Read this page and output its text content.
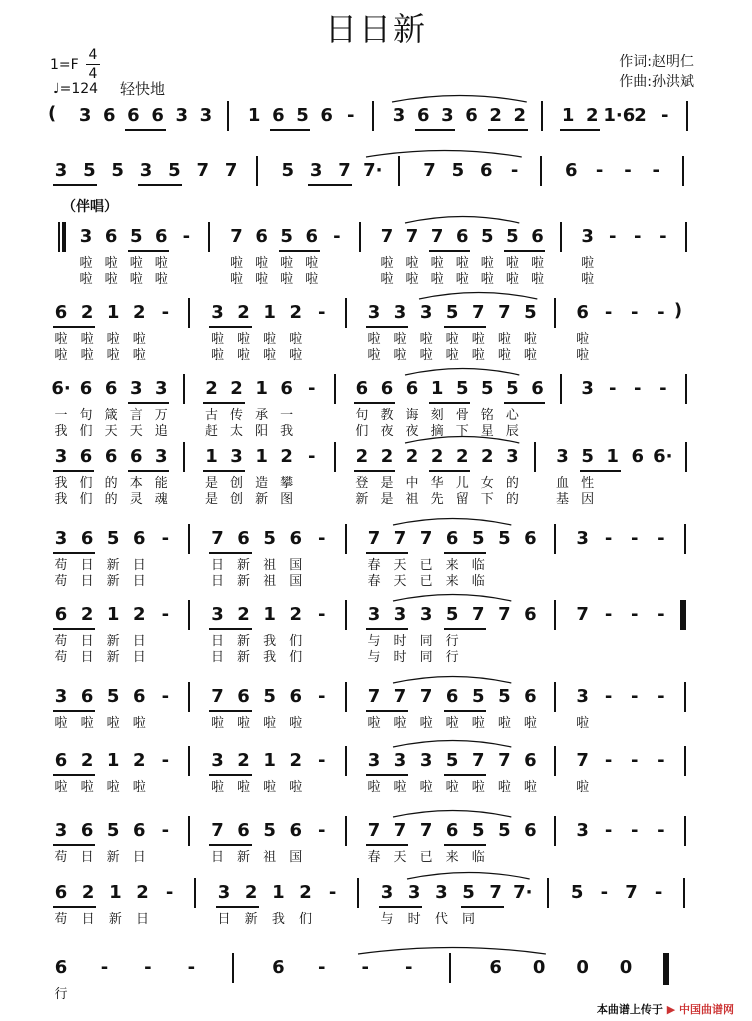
日日新
1=F
4
4
♩=124 轻快地
作词:赵明仁
作曲:孙洪斌
（伴唱）
(	3 6 6 6 3 3	1 6 5 6 -	3 6 3 6 2 2	1 2 1·6
2 -
3 5 5 3 5 7 7	5 3 7 7·	7 5 6	-	6	-	-	-
3 6 5 6 -	7 6 5 6 -	7 7 7 6 5 5 6	3 - - -
啦 啦 啦 啦	啦 啦 啦 啦	啦 啦 啦 啦 啦 啦 啦	啦
啦 啦 啦 啦	啦 啦 啦 啦	啦 啦 啦 啦 啦 啦 啦	啦
6 2 1 2 -	3 2 1 2 -	3 3 3 5 7 7 5	6 -	-	- )
啦	啦	啦	啦	啦	啦	啦	啦	啦	啦	啦	啦	啦	啦	啦	啦
啦	啦	啦	啦	啦	啦	啦	啦	啦	啦	啦	啦	啦	啦	啦	啦
6· 6 6 3 3	2 2 1 6 -	6 6 6 1 5 5 5 6	3 - - -
一 句 箴 言 万	古 传 承 一	句 教 诲 刻 骨 铭 心
我 们 天 天 追	赶 太 阳 我	们 夜 夜 摘 下 星 辰
3 6 6 6 3	1 3 1 2 -	2 2 2 2 2 2 3	3 5 1 6 6·
我 们 的 本 能	是 创 造 攀	登 是 中 华 儿 女 的	血 性
我 们 的 灵 魂	是 创 新 图	新 是 祖 先 留 下 的	基 因
3 6 5 6 -	7 6 5 6 -	7 7 7 6 5 5 6	3 -	-	-
苟	日	新	日	日	新	祖	国	春	天	已	来	临
苟	日	新	日	日	新	祖	国	春	天	已	来	临
6 2 1 2 -	3 2 1 2 -	3 3 3 5 7 7 6	7 -	-	-
苟	日	新	日	日	新	我	们	与	时	同	行
苟	日	新	日	日	新	我	们	与	时	同	行
3 6 5 6 -	7 6 5 6 -	7 7 7 6 5 5 6	3 -	-	-
啦	啦	啦	啦	啦	啦	啦	啦	啦	啦	啦	啦	啦	啦	啦	啦
6 2 1 2 -	3 2 1 2 -	3 3 3 5 7 7 6	7 -	-	-
啦	啦	啦	啦	啦	啦	啦	啦	啦	啦	啦	啦	啦	啦	啦	啦
3 6 5 6 -	7 6 5 6 -	7 7 7 6 5 5 6	3 -	-	-
苟	日	新	日	日	新	祖	国	春	天	已	来	临
6 2 1 2 -	3 2 1 2 -	3 3 3 5 7 7·	5 - 7 -
苟	日	新	日	日	新	我	们	与	时	代	同
6	-	-	-	6	-	-	-	6	0	0	0
行
本曲谱上传于 ▶ 中国曲谱网
